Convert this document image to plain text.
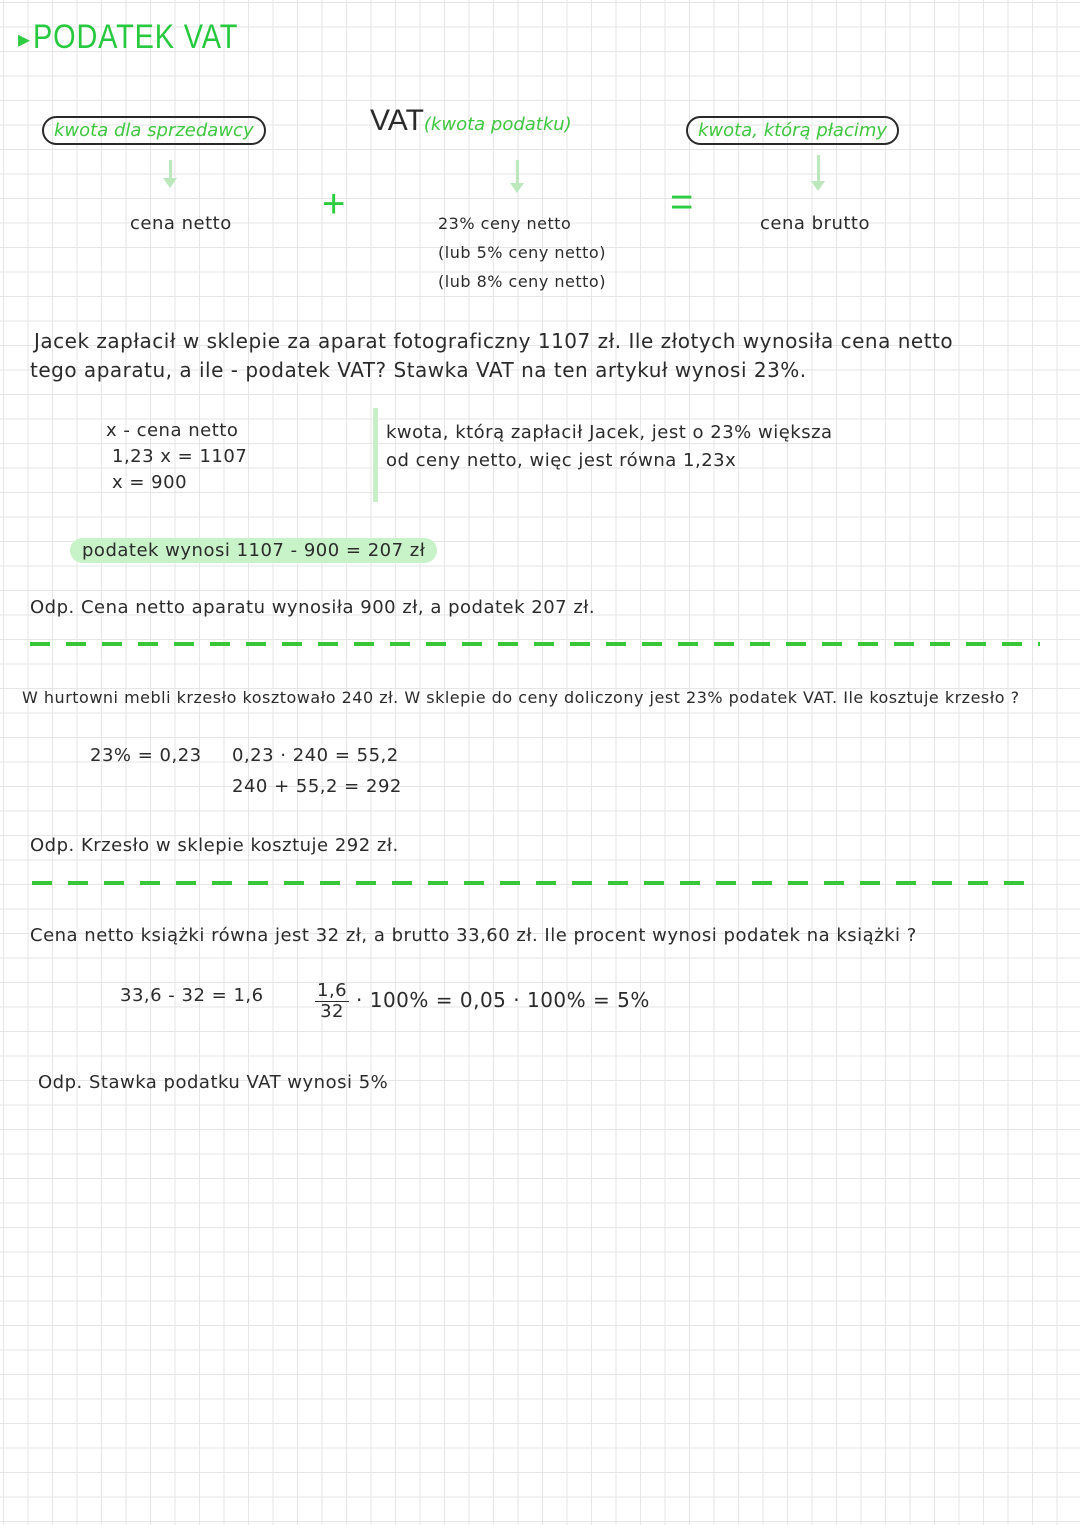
▸PODATEK VAT
kwota dla sprzedawcy	VAT(kwota podatku)	kwota, którą płacimy
+	=
cena netto	cena brutto
23% ceny netto
(lub 5% ceny netto)
(lub 8% ceny netto)
Jacek zapłacił w sklepie za aparat fotograficzny 1107 zł. Ile złotych wynosiła cena netto
tego aparatu, a ile - podatek VAT? Stawka VAT na ten artykuł wynosi 23%.
x - cena netto
1,23 x = 1107
x = 900
kwota, którą zapłacił Jacek, jest o 23% większa
od ceny netto, więc jest równa 1,23x
podatek wynosi 1107 - 900 = 207 zł
Odp. Cena netto aparatu wynosiła 900 zł, a podatek 207 zł.
W hurtowni mebli krzesło kosztowało 240 zł. W sklepie do ceny doliczony jest 23% podatek VAT. Ile kosztuje krzesło ?
23% = 0,23 0,23 · 240 = 55,2
240 + 55,2 = 292
Odp. Krzesło w sklepie kosztuje 292 zł.
Cena netto książki równa jest 32 zł, a brutto 33,60 zł. Ile procent wynosi podatek na książki ?
33,6 - 32 = 1,6	$\frac{1,6}{32} \cdot 100\% = 0,05 \cdot 100\% = 5\%$
Odp. Stawka podatku VAT wynosi 5%
